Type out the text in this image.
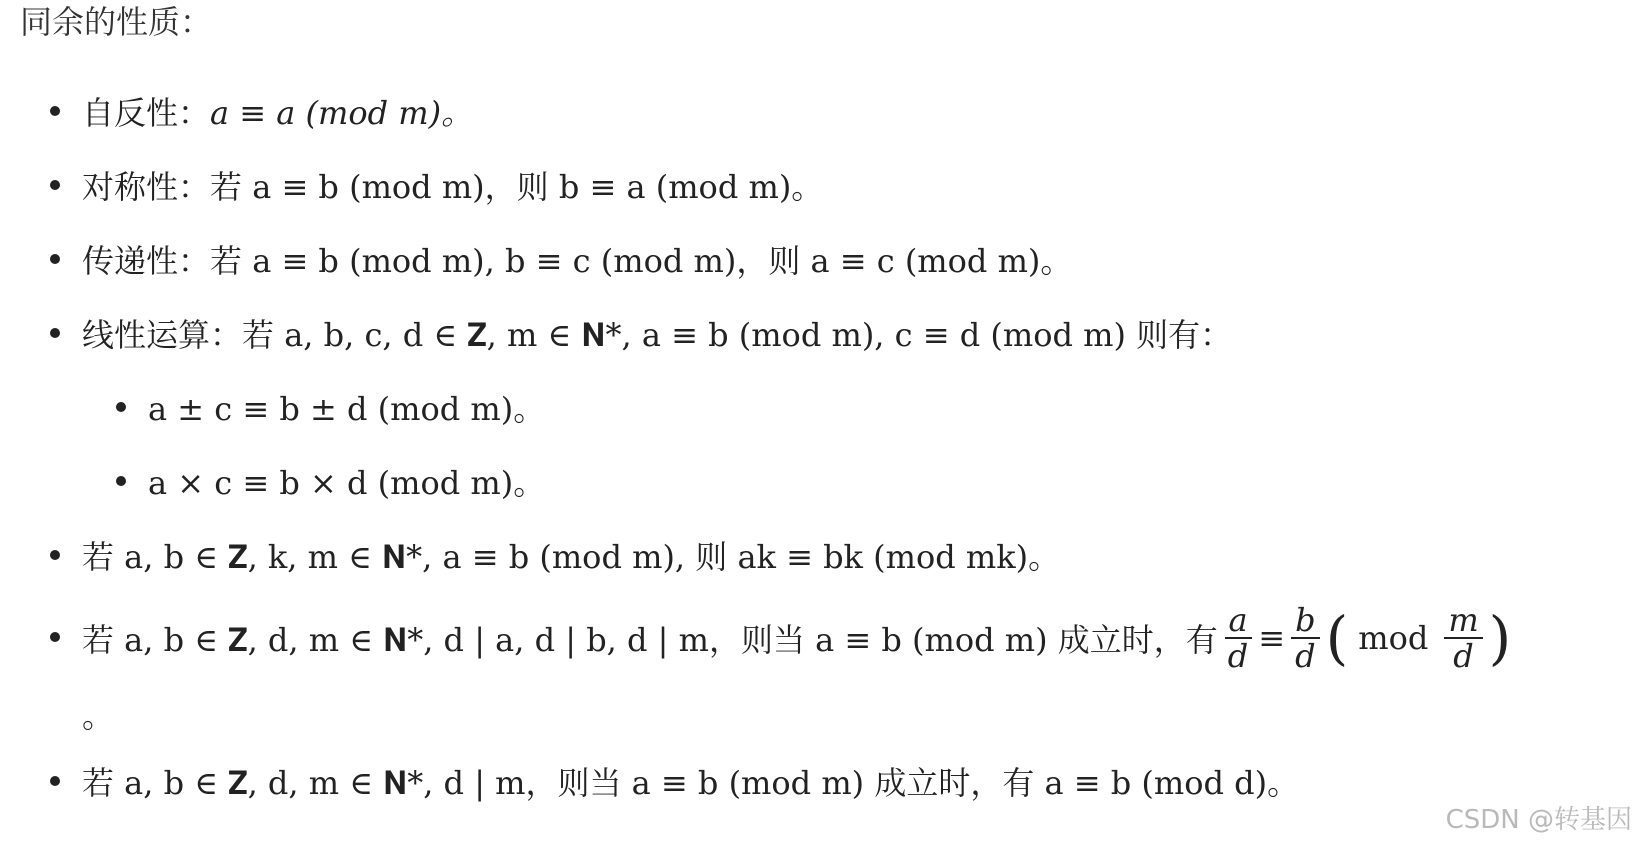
同余的性质：
自反性： a ≡ a (mod m)。
对称性： 若 a ≡ b (mod m)，则 b ≡ a (mod m)。
传递性： 若 a ≡ b (mod m), b ≡ c (mod m)，则 a ≡ c (mod m)。
线性运算： 若 a, b, c, d ∈ 𝐙, m ∈ 𝐍*, a ≡ b (mod m), c ≡ d (mod m) 则有：
a ± c ≡ b ± d (mod m)。
a × c ≡ b × d (mod m)。
若 a, b ∈ 𝐙, k, m ∈ 𝐍*, a ≡ b (mod m), 则 ak ≡ bk (mod mk)。
若 a, b ∈ 𝐙, d, m ∈ 𝐍*, d | a, d | b, d | m，则当 a ≡ b (mod m) 成立时，有 $\frac{a}{d} \equiv \frac{b}{d}$ ( mod $\frac{m}{d}$ )
。
若 a, b ∈ 𝐙, d, m ∈ 𝐍*, d | m，则当 a ≡ b (mod m) 成立时，有 a ≡ b (mod d)。
CSDN @转基因
